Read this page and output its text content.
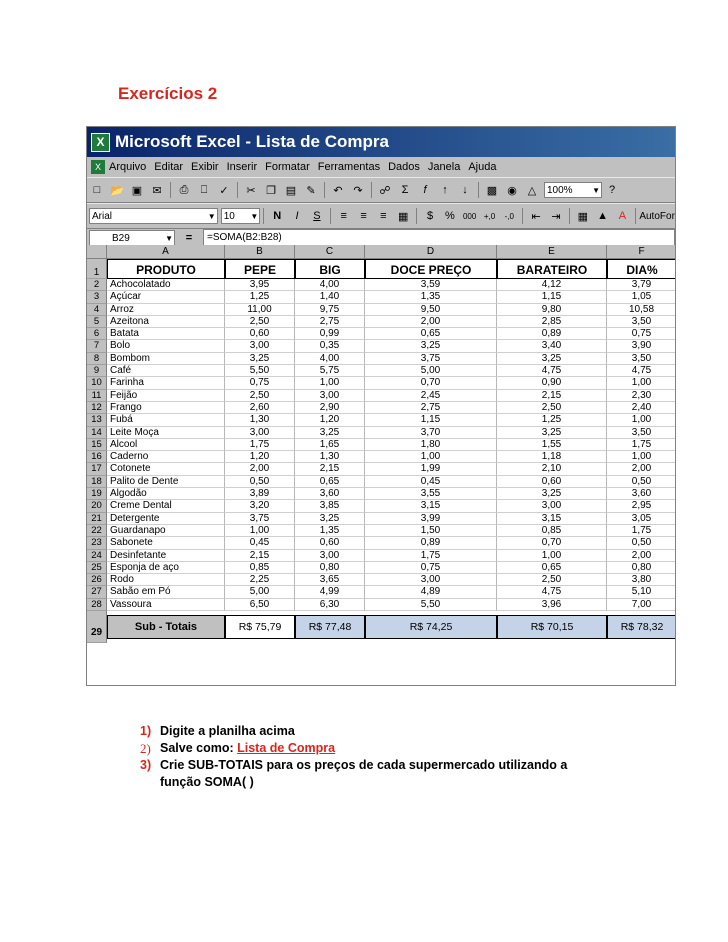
Exercícios 2
X Microsoft Excel - Lista de Compra
X Arquivo Editar Exibir Inserir Formatar Ferramentas Dados Janela Ajuda
□ 📂 ▣ ✉	⎙	⎕	✓	✂ ❐ ▤ ✎	↶ ↷	☍	Σ	f	↑	↓	▩ ◉ △	100% ▼ ?
Arial	▼ 10 ▼	N	I	S	≡	≡	≡	▦	$	%	000 +,0	-,0 ⇤ ⇥	▦ ▲ A	AutoFor
B29	▼	=	=SOMA(B2:B28)
A	B	C	D	E	F
1	PRODUTO	PEPE	BIG	DOCE PREÇO	BARATEIRO	DIA%
2	Achocolatado	3,95	4,00	3,59	4,12	3,79
3	Açúcar	1,25	1,40	1,35	1,15	1,05
4	Arroz	11,00	9,75	9,50	9,80	10,58
5	Azeitona	2,50	2,75	2,00	2,85	3,50
6	Batata	0,60	0,99	0,65	0,89	0,75
7	Bolo	3,00	0,35	3,25	3,40	3,90
8	Bombom	3,25	4,00	3,75	3,25	3,50
9	Café	5,50	5,75	5,00	4,75	4,75
10 Farinha	0,75	1,00	0,70	0,90	1,00
11 Feijão	2,50	3,00	2,45	2,15	2,30
12 Frango	2,60	2,90	2,75	2,50	2,40
13 Fubá	1,30	1,20	1,15	1,25	1,00
14 Leite Moça	3,00	3,25	3,70	3,25	3,50
15 Alcool	1,75	1,65	1,80	1,55	1,75
16 Caderno	1,20	1,30	1,00	1,18	1,00
17 Cotonete	2,00	2,15	1,99	2,10	2,00
18 Palito de Dente	0,50	0,65	0,45	0,60	0,50
19 Algodão	3,89	3,60	3,55	3,25	3,60
20 Creme Dental	3,20	3,85	3,15	3,00	2,95
21 Detergente	3,75	3,25	3,99	3,15	3,05
22 Guardanapo	1,00	1,35	1,50	0,85	1,75
23 Sabonete	0,45	0,60	0,89	0,70	0,50
24 Desinfetante	2,15	3,00	1,75	1,00	2,00
25 Esponja de aço	0,85	0,80	0,75	0,65	0,80
26 Rodo	2,25	3,65	3,00	2,50	3,80
27 Sabão em Pó	5,00	4,99	4,89	4,75	5,10
28 Vassoura	6,50	6,30	5,50	3,96	7,00
29	Sub - Totais	R$ 75,79	R$ 77,48	R$ 74,25	R$ 70,15	R$ 78,32
1) Digite a planilha acima
2) Salve como: Lista de Compra
3) Crie SUB-TOTAIS para os preços de cada supermercado utilizando a
função SOMA( )
